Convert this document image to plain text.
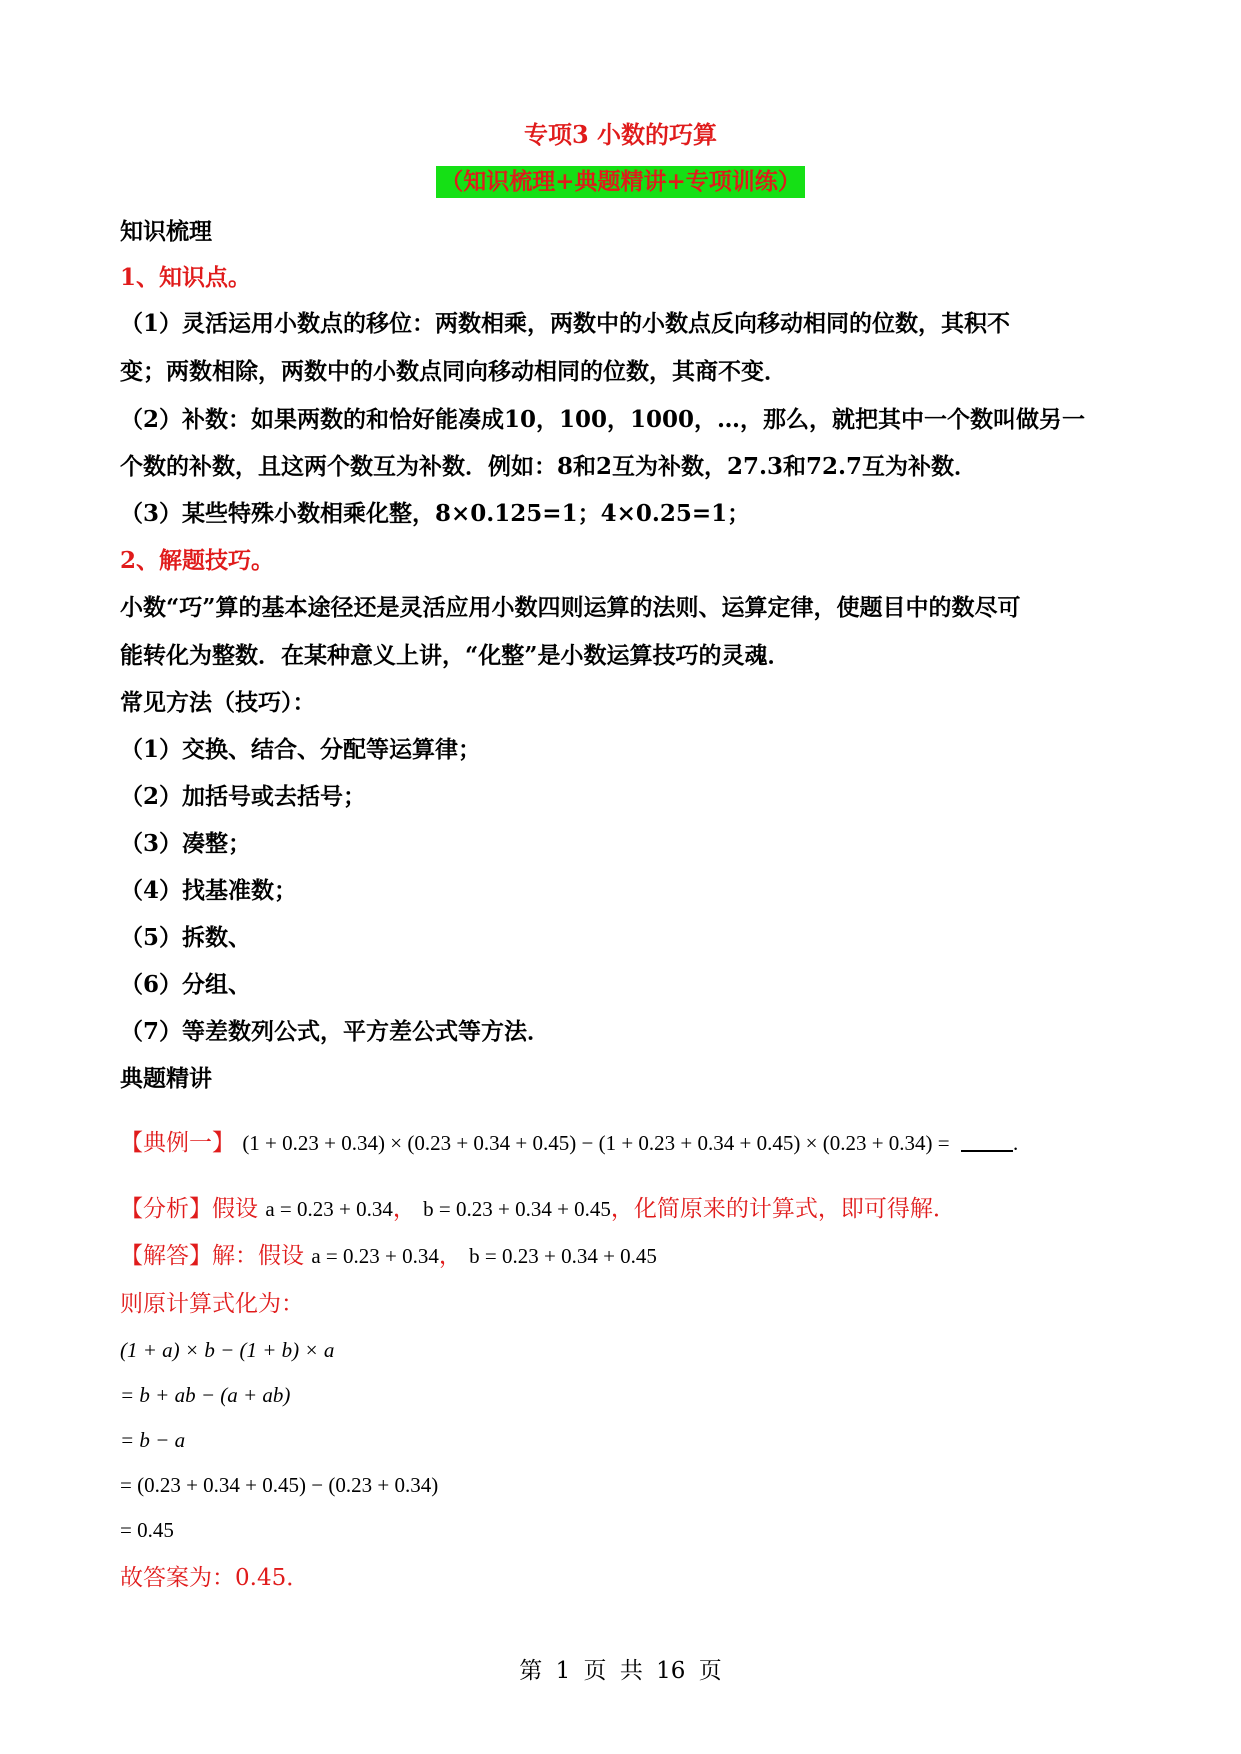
专项3 小数的巧算
（知识梳理+典题精讲+专项训练）
知识梳理
1、知识点。
（1）灵活运用小数点的移位：两数相乘，两数中的小数点反向移动相同的位数，其积不
变；两数相除，两数中的小数点同向移动相同的位数，其商不变．
（2）补数：如果两数的和恰好能凑成10，100，1000，…，那么，就把其中一个数叫做另一
个数的补数，且这两个数互为补数．例如：8和2互为补数，27.3和72.7互为补数．
（3）某些特殊小数相乘化整，8×0.125=1；4×0.25=1；
2、解题技巧。
小数“巧”算的基本途径还是灵活应用小数四则运算的法则、运算定律，使题目中的数尽可
能转化为整数．在某种意义上讲，“化整”是小数运算技巧的灵魂．
常见方法（技巧）：
（1）交换、结合、分配等运算律；
（2）加括号或去括号；
（3）凑整；
（4）找基准数；
（5）拆数、
（6）分组、
（7）等差数列公式，平方差公式等方法．
典题精讲
【典例一】 (1 + 0.23 + 0.34) × (0.23 + 0.34 + 0.45) − (1 + 0.23 + 0.34 + 0.45) × (0.23 + 0.34) =	.
【分析】假设 a = 0.23 + 0.34， b = 0.23 + 0.34 + 0.45，化简原来的计算式，即可得解．
【解答】解：假设 a = 0.23 + 0.34， b = 0.23 + 0.34 + 0.45
则原计算式化为：
(1 + a) × b − (1 + b) × a
= b + ab − (a + ab)
= b − a
= (0.23 + 0.34 + 0.45) − (0.23 + 0.34)
= 0.45
故答案为：0.45．
第 1 页 共 16 页
